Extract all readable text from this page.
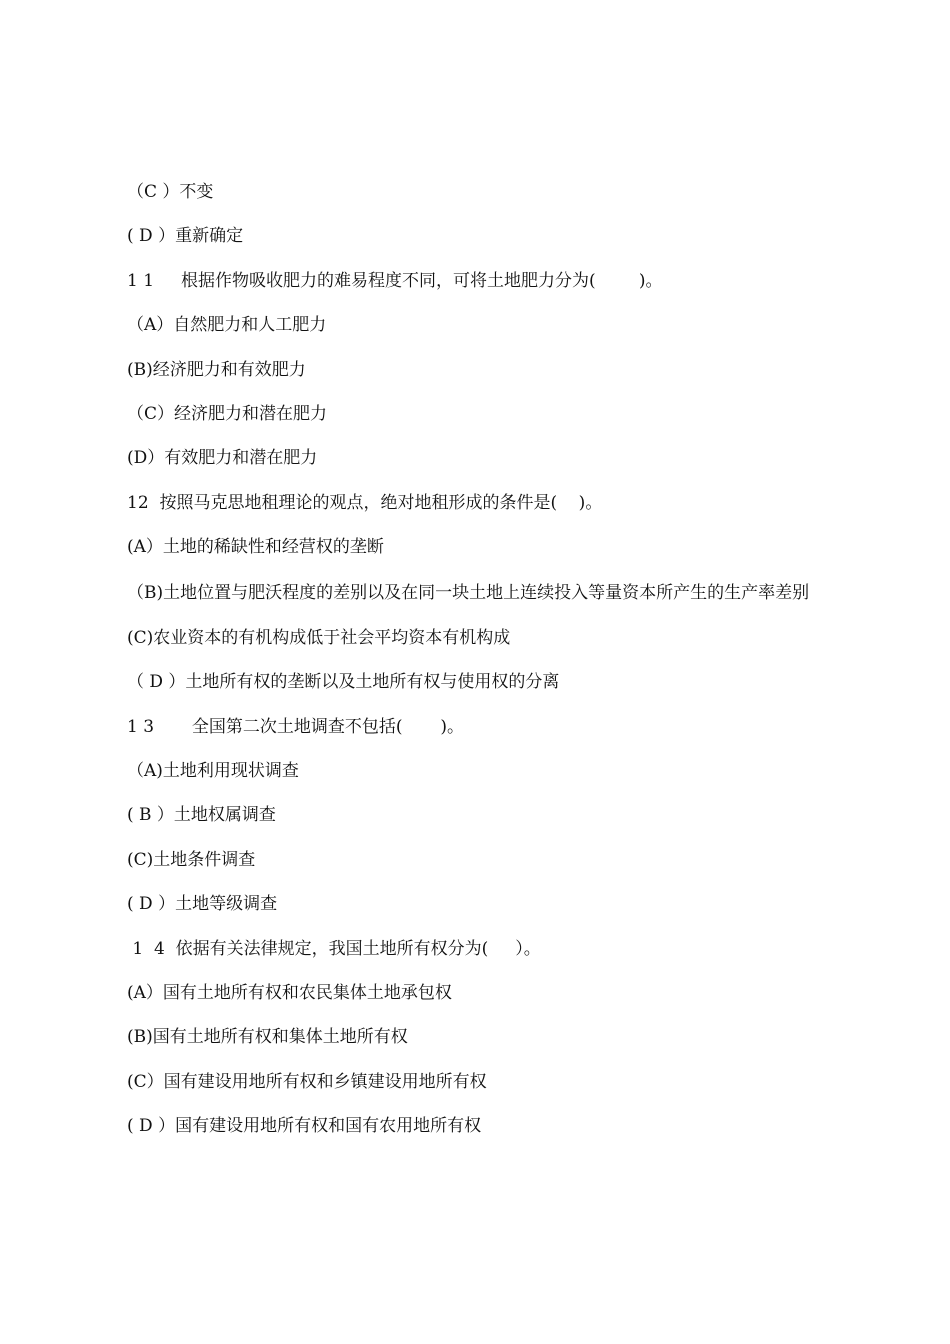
（C ）不变

( D ）重新确定

1 1     根据作物吸收肥力的难易程度不同，可将土地肥力分为(        )。

（A）自然肥力和人工肥力

(B)经济肥力和有效肥力

（C）经济肥力和潜在肥力

(D）有效肥力和潜在肥力

12  按照马克思地租理论的观点，绝对地租形成的条件是(    )。

(A）土地的稀缺性和经营权的垄断

（B)土地位置与肥沃程度的差别以及在同一块土地上连续投入等量资本所产生的生产率差别

(C)农业资本的有机构成低于社会平均资本有机构成

（ D ）土地所有权的垄断以及土地所有权与使用权的分离

1 3       全国第二次土地调查不包括(       )。

（A)土地利用现状调查

( B ）土地权属调查

(C)土地条件调查

( D ）土地等级调查

1  4  依据有关法律规定，我国土地所有权分为(     ）。

(A）国有土地所有权和农民集体土地承包权

(B)国有土地所有权和集体土地所有权

(C）国有建设用地所有权和乡镇建设用地所有权

( D ）国有建设用地所有权和国有农用地所有权
